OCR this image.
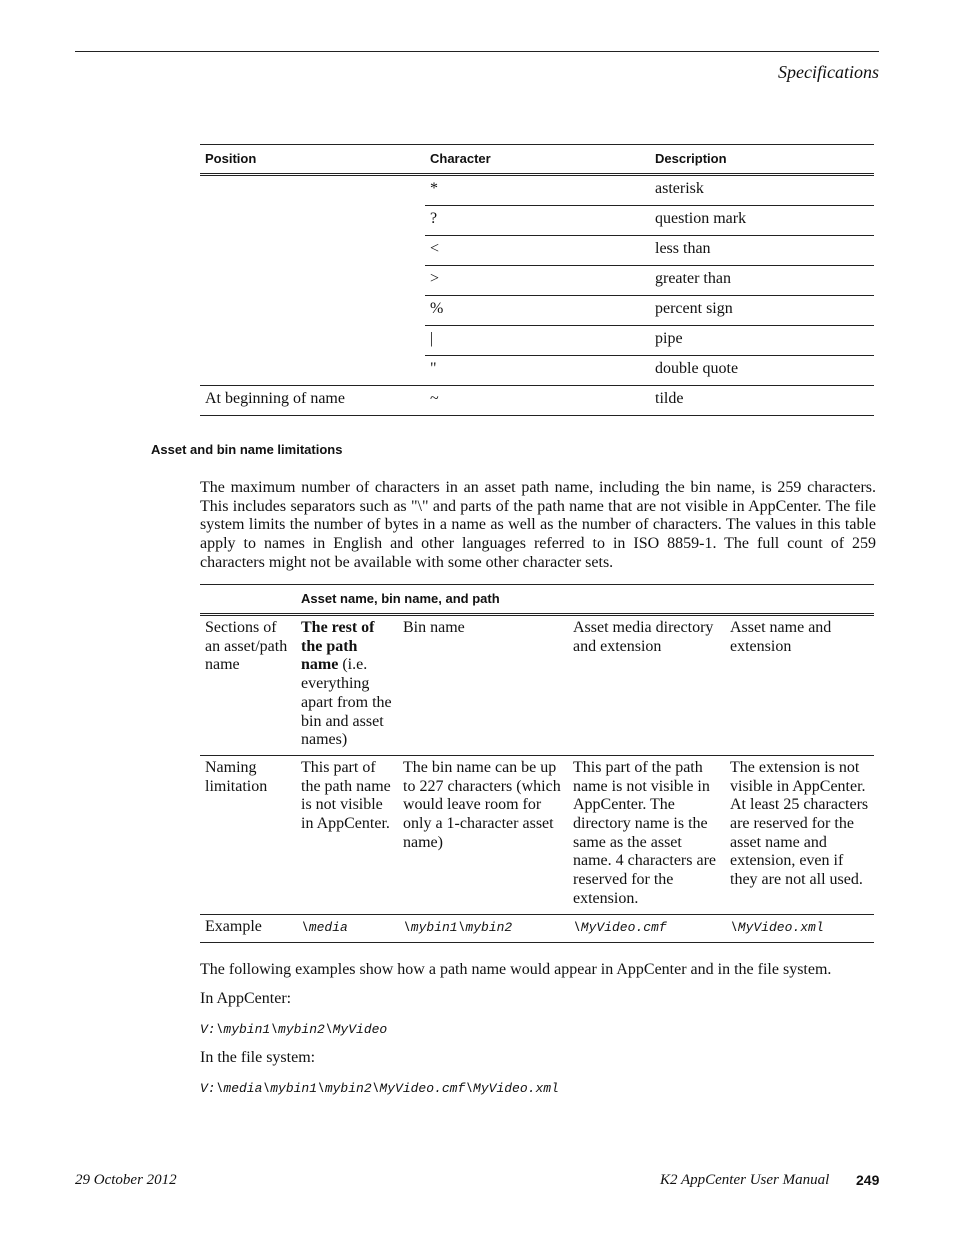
Specifications
Position	Character	Description
	*	asterisk
	?	question mark
	<	less than
	>	greater than
	%	percent sign
	|	pipe
	"	double quote
At beginning of name	~	tilde
Asset and bin name limitations
The maximum number of characters in an asset path name, including the bin name, is 259 characters. This includes separators such as "\" and parts of the path name that are not visible in AppCenter. The file system limits the number of bytes in a name as well as the number of characters. The values in this table apply to names in English and other languages referred to in ISO 8859-1. The full count of 259 characters might not be available with some other character sets.
	Asset name, bin name, and path			
Sections of an asset/path name	The rest of the path name (i.e. everything apart from the bin and asset names)	Bin name	Asset media directory and extension	Asset name and extension
Naming limitation	This part of the path name is not visible in AppCenter.	The bin name can be up to 227 characters (which would leave room for only a 1-character asset name)	This part of the path name is not visible in AppCenter. The directory name is the same as the asset name. 4 characters are reserved for the extension.	The extension is not visible in AppCenter. At least 25 characters are reserved for the asset name and extension, even if they are not all used.
Example	\media	\mybin1\mybin2	\MyVideo.cmf	\MyVideo.xml
The following examples show how a path name would appear in AppCenter and in the file system.
In AppCenter:
V:\mybin1\mybin2\MyVideo
In the file system:
V:\media\mybin1\mybin2\MyVideo.cmf\MyVideo.xml
29 October 2012	K2 AppCenter User Manual 249
